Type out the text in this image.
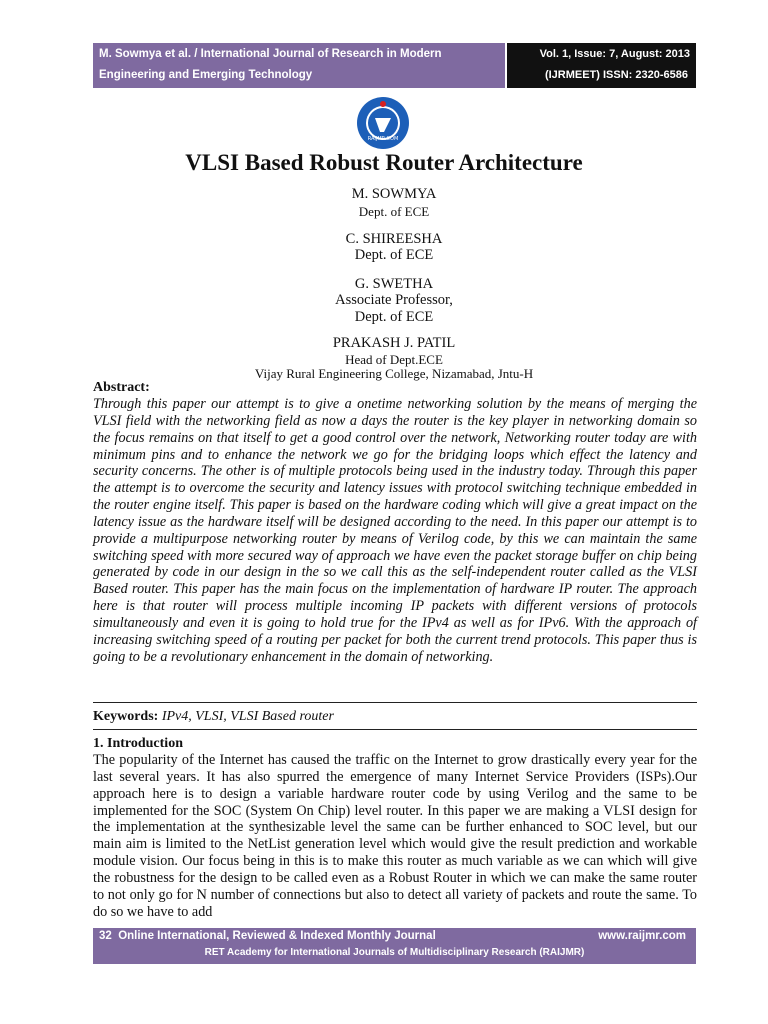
M. Sowmya et al. / International Journal of Research in Modern
Engineering and Emerging Technology
Vol. 1, Issue: 7, August: 2013
(IJRMEET) ISSN: 2320-6586
RAIJMR.COM
VLSI Based Robust Router Architecture
M. SOWMYA
Dept. of ECE
C. SHIREESHA
Dept. of ECE
G. SWETHA
Associate Professor,
Dept. of ECE
PRAKASH J. PATIL
Head of Dept.ECE
Vijay Rural Engineering College, Nizamabad, Jntu-H
Abstract:
Through this paper our attempt is to give a onetime networking solution by the means of merging the VLSI field with the networking field as now a days the router is the key player in networking domain so the focus remains on that itself to get a good control over the network, Networking router today are with minimum pins and to enhance the network we go for the bridging loops which effect the latency and security concerns. The other is of multiple protocols being used in the industry today. Through this paper the attempt is to overcome the security and latency issues with protocol switching technique embedded in the router engine itself. This paper is based on the hardware coding which will give a great impact on the latency issue as the hardware itself will be designed according to the need. In this paper our attempt is to provide a multipurpose networking router by means of Verilog code, by this we can maintain the same switching speed with more secured way of approach we have even the packet storage buffer on chip being generated by code in our design in the so we call this as the self-independent router called as the VLSI Based router. This paper has the main focus on the implementation of hardware IP router. The approach here is that router will process multiple incoming IP packets with different versions of protocols simultaneously and even it is going to hold true for the IPv4 as well as for IPv6. With the approach of increasing switching speed of a routing per packet for both the current trend protocols. This paper thus is going to be a revolutionary enhancement in the domain of networking.
Keywords: IPv4, VLSI, VLSI Based router
1. Introduction
The popularity of the Internet has caused the traffic on the Internet to grow drastically every year for the last several years. It has also spurred the emergence of many Internet Service Providers (ISPs).Our approach here is to design a variable hardware router code by using Verilog and the same to be implemented for the SOC (System On Chip) level router. In this paper we are making a VLSI design for the implementation at the synthesizable level the same can be further enhanced to SOC level, but our main aim is limited to the NetList generation level which would give the result prediction and workable module vision. Our focus being in this is to make this router as much variable as we can which will give the robustness for the design to be called even as a Robust Router in which we can make the same router to not only go for N number of connections but also to detect all variety of packets and route the same. To do so we have to add
32 Online International, Reviewed & Indexed Monthly Journal	www.raijmr.com
RET Academy for International Journals of Multidisciplinary Research (RAIJMR)
